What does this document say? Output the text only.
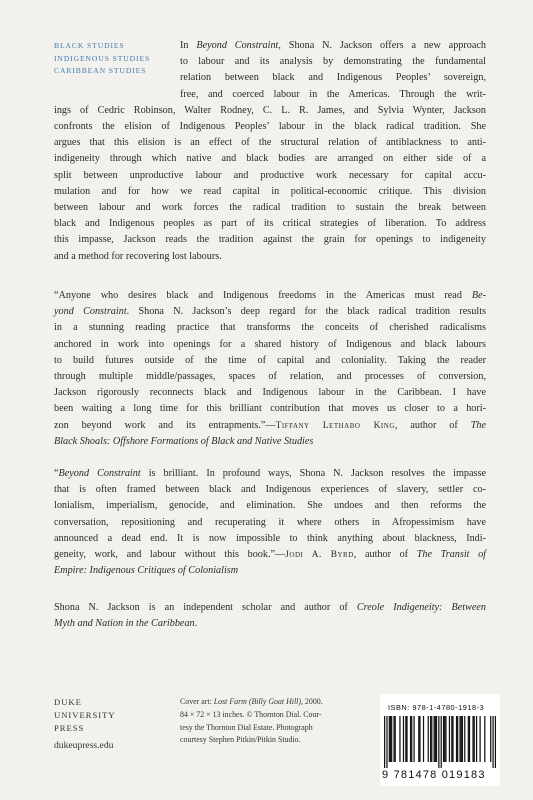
BLACK STUDIES
INDIGENOUS STUDIES
CARIBBEAN STUDIES
In Beyond Constraint, Shona N. Jackson offers a new approach
to labour and its analysis by demonstrating the fundamental
relation between black and Indigenous Peoples’ sovereign,
free, and coerced labour in the Americas. Through the writ-
ings of Cedric Robinson, Walter Rodney, C. L. R. James, and Sylvia Wynter, Jackson
confronts the elision of Indigenous Peoples’ labour in the black radical tradition. She
argues that this elision is an effect of the structural relation of antiblackness to anti-
indigeneity through which native and black bodies are arranged on either side of a
split between unproductive labour and productive work necessary for capital accu-
mulation and for how we read capital in political-economic critique. This division
between labour and work forces the radical tradition to sustain the break between
black and Indigenous peoples as part of its critical strategies of liberation. To address
this impasse, Jackson reads the tradition against the grain for openings to indigeneity
and a method for recovering lost labours.
“Anyone who desires black and Indigenous freedoms in the Americas must read Be-
yond Constraint. Shona N. Jackson’s deep regard for the black radical tradition results
in a stunning reading practice that transforms the conceits of cherished radicalisms
anchored in work into openings for a shared history of Indigenous and black labours
to build futures outside of the time of capital and coloniality. Taking the reader
through multiple middle/passages, spaces of relation, and processes of conversion,
Jackson rigorously reconnects black and Indigenous labour in the Caribbean. I have
been waiting a long time for this brilliant contribution that moves us closer to a hori-
zon beyond work and its entrapments.”—Tiffany Lethabo King, author of The
Black Shoals: Offshore Formations of Black and Native Studies
“Beyond Constraint is brilliant. In profound ways, Shona N. Jackson resolves the impasse
that is often framed between black and Indigenous experiences of slavery, settler co-
lonialism, imperialism, genocide, and elimination. She undoes and then reforms the
conversation, repositioning and recuperating it where others in Afropessimism have
announced a dead end. It is now impossible to think anything about blackness, Indi-
geneity, work, and labour without this book.”—Jodi A. Byrd, author of The Transit of
Empire: Indigenous Critiques of Colonialism
Shona N. Jackson is an independent scholar and author of Creole Indigeneity: Between
Myth and Nation in the Caribbean.
DUKE
UNIVERSITY
PRESS
dukeupress.edu
Cover art: Lost Farm (Billy Goat Hill), 2000.
84 × 72 × 13 inches. © Thornton Dial. Cour-
tesy the Thornton Dial Estate. Photograph
courtesy Stephen Pitkin/Pitkin Studio.
ISBN: 978-1-4780-1918-3
9 781478 019183
